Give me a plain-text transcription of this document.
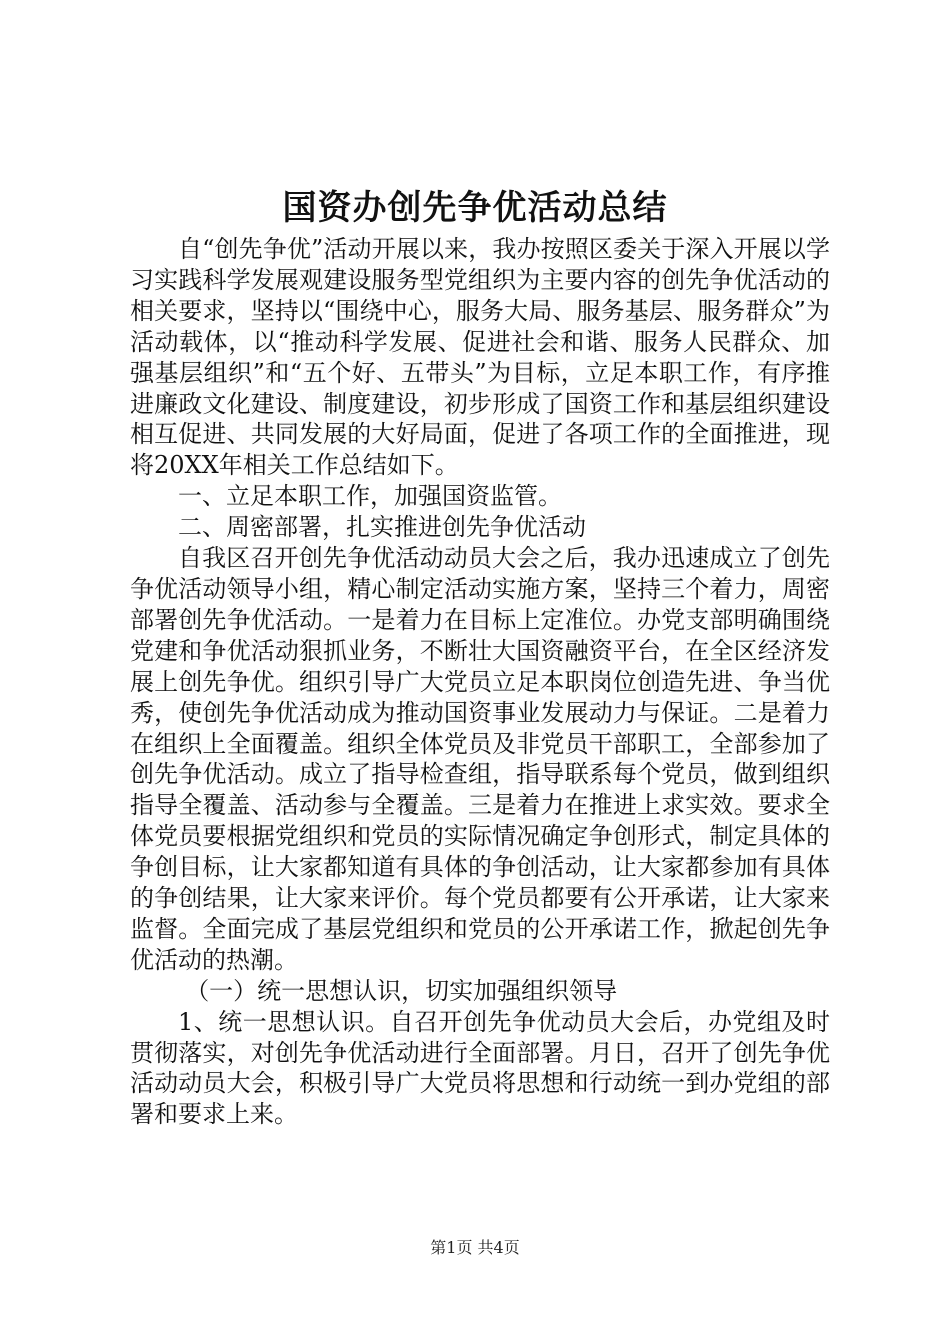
国资办创先争优活动总结

自“创先争优”活动开展以来，我办按照区委关于深入开展以学习实践科学发展观建设服务型党组织为主要内容的创先争优活动的相关要求，坚持以“围绕中心，服务大局、服务基层、服务群众”为活动载体，以“推动科学发展、促进社会和谐、服务人民群众、加强基层组织”和“五个好、五带头”为目标，立足本职工作，有序推进廉政文化建设、制度建设，初步形成了国资工作和基层组织建设相互促进、共同发展的大好局面，促进了各项工作的全面推进，现将20XX年相关工作总结如下。

一、立足本职工作，加强国资监管。

二、周密部署，扎实推进创先争优活动

自我区召开创先争优活动动员大会之后，我办迅速成立了创先争优活动领导小组，精心制定活动实施方案，坚持三个着力，周密部署创先争优活动。一是着力在目标上定准位。办党支部明确围绕党建和争优活动狠抓业务，不断壮大国资融资平台，在全区经济发展上创先争优。组织引导广大党员立足本职岗位创造先进、争当优秀，使创先争优活动成为推动国资事业发展动力与保证。二是着力在组织上全面覆盖。组织全体党员及非党员干部职工，全部参加了创先争优活动。成立了指导检查组，指导联系每个党员，做到组织指导全覆盖、活动参与全覆盖。三是着力在推进上求实效。要求全体党员要根据党组织和党员的实际情况确定争创形式，制定具体的争创目标，让大家都知道有具体的争创活动，让大家都参加有具体的争创结果，让大家来评价。每个党员都要有公开承诺，让大家来监督。全面完成了基层党组织和党员的公开承诺工作，掀起创先争优活动的热潮。

（一）统一思想认识，切实加强组织领导

1、统一思想认识。自召开创先争优动员大会后，办党组及时贯彻落实，对创先争优活动进行全面部署。月日，召开了创先争优活动动员大会，积极引导广大党员将思想和行动统一到办党组的部署和要求上来。

第1页 共4页
